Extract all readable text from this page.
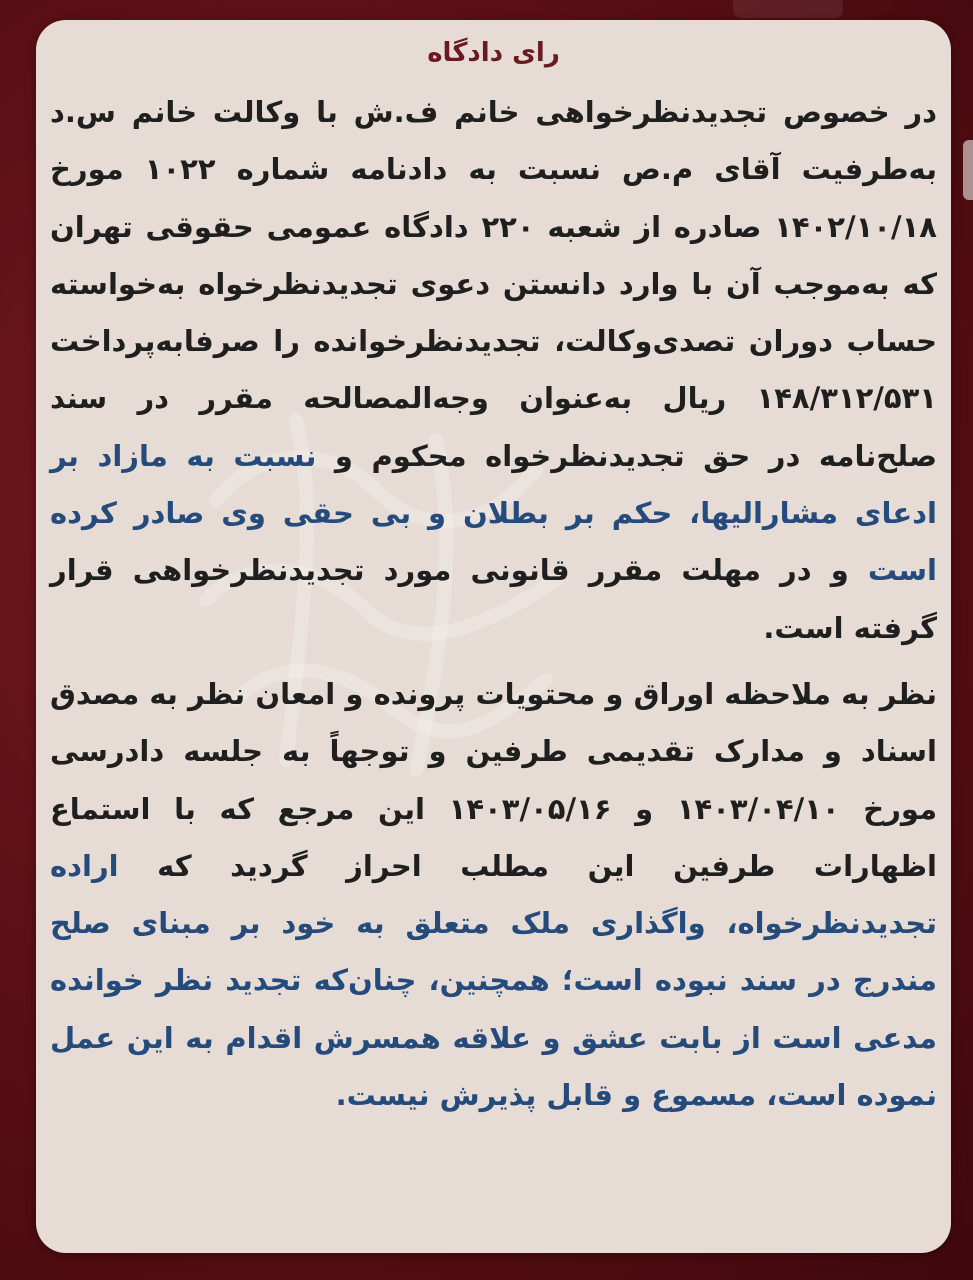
رای دادگاه

در خصوص تجدیدنظرخواهی خانم ف.ش با وکالت خانم س.د به‌طرفیت آقای م.ص نسبت به دادنامه شماره ۱۰۲۲ مورخ ۱۴۰۲/۱۰/۱۸ صادره از شعبه ۲۲۰ دادگاه عمومی حقوقی تهران که به‌موجب آن با وارد دانستن دعوی تجدیدنظرخواه به‌خواسته حساب دوران تصدی‌وکالت، تجدیدنظرخوانده را صرفا‌به‌پرداخت ۱۴۸/۳۱۲/۵۳۱ ریال به‌عنوان وجه‌المصالحه مقرر در سند صلح‌نامه در حق تجدیدنظرخواه محکوم و نسبت به مازاد بر ادعای مشارالیها، حکم بر بطلان و بی حقی وی صادر کرده است و در مهلت مقرر قانونی مورد تجدیدنظرخواهی قرار گرفته است.

نظر به ملاحظه اوراق و محتویات پرونده و امعان نظر به مصدق اسناد و مدارک تقدیمی طرفین و توجهاً به جلسه دادرسی مورخ ۱۴۰۳/۰۴/۱۰ و ۱۴۰۳/۰۵/۱۶ این مرجع که با استماع اظهارات طرفین این مطلب احراز گردید که اراده تجدیدنظرخواه، واگذاری ملک متعلق به خود بر مبنای صلح مندرج در سند نبوده است؛ همچنین، چنان‌که تجدید نظر خوانده مدعی است از بابت عشق و علاقه همسرش اقدام به این عمل نموده است، مسموع و قابل پذیرش نیست.
